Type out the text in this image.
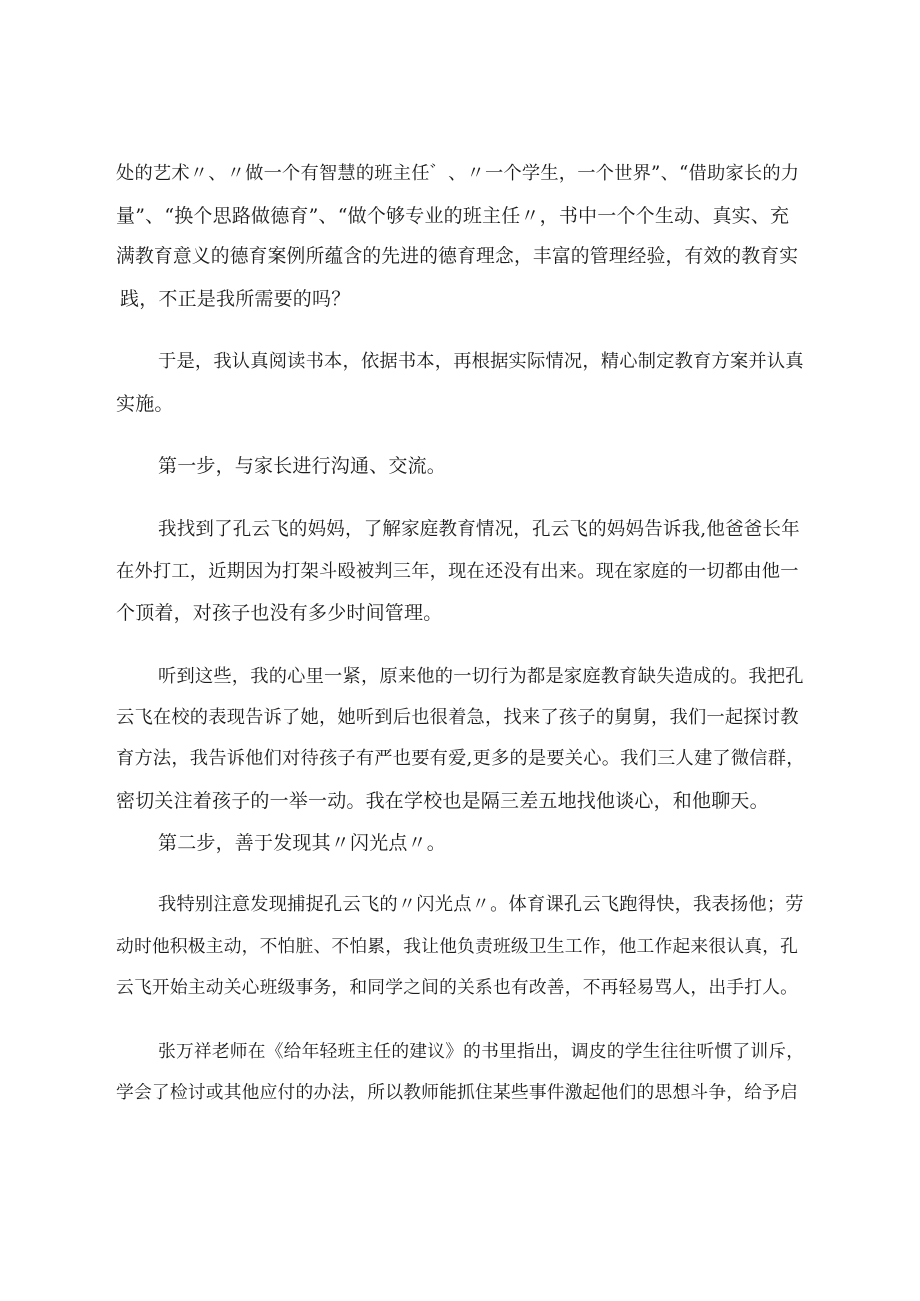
处的艺术〃、〃做一个有智慧的班主任゛、〃一个学生，一个世界”、“借助家长的力
量”、“换个思路做德育”、“做个够专业的班主任〃，书中一个个生动、真实、充
满教育意义的德育案例所蕴含的先进的德育理念，丰富的管理经验，有效的教育实
践，不正是我所需要的吗？
于是，我认真阅读书本，依据书本，再根据实际情况，精心制定教育方案并认真
实施。
第一步，与家长进行沟通、交流。
我找到了孔云飞的妈妈，了解家庭教育情况，孔云飞的妈妈告诉我,他爸爸长年
在外打工，近期因为打架斗殴被判三年，现在还没有出来。现在家庭的一切都由他一
个顶着，对孩子也没有多少时间管理。
听到这些，我的心里一紧，原来他的一切行为都是家庭教育缺失造成的。我把孔
云飞在校的表现告诉了她，她听到后也很着急，找来了孩子的舅舅，我们一起探讨教
育方法，我告诉他们对待孩子有严也要有爱,更多的是要关心。我们三人建了微信群，
密切关注着孩子的一举一动。我在学校也是隔三差五地找他谈心，和他聊天。
第二步，善于发现其〃闪光点〃。
我特别注意发现捕捉孔云飞的〃闪光点〃。体育课孔云飞跑得快，我表扬他；劳
动时他积极主动，不怕脏、不怕累，我让他负责班级卫生工作，他工作起来很认真，孔
云飞开始主动关心班级事务，和同学之间的关系也有改善，不再轻易骂人，出手打人。
张万祥老师在《给年轻班主任的建议》的书里指出，调皮的学生往往听惯了训斥，
学会了检讨或其他应付的办法，所以教师能抓住某些事件激起他们的思想斗争，给予启
